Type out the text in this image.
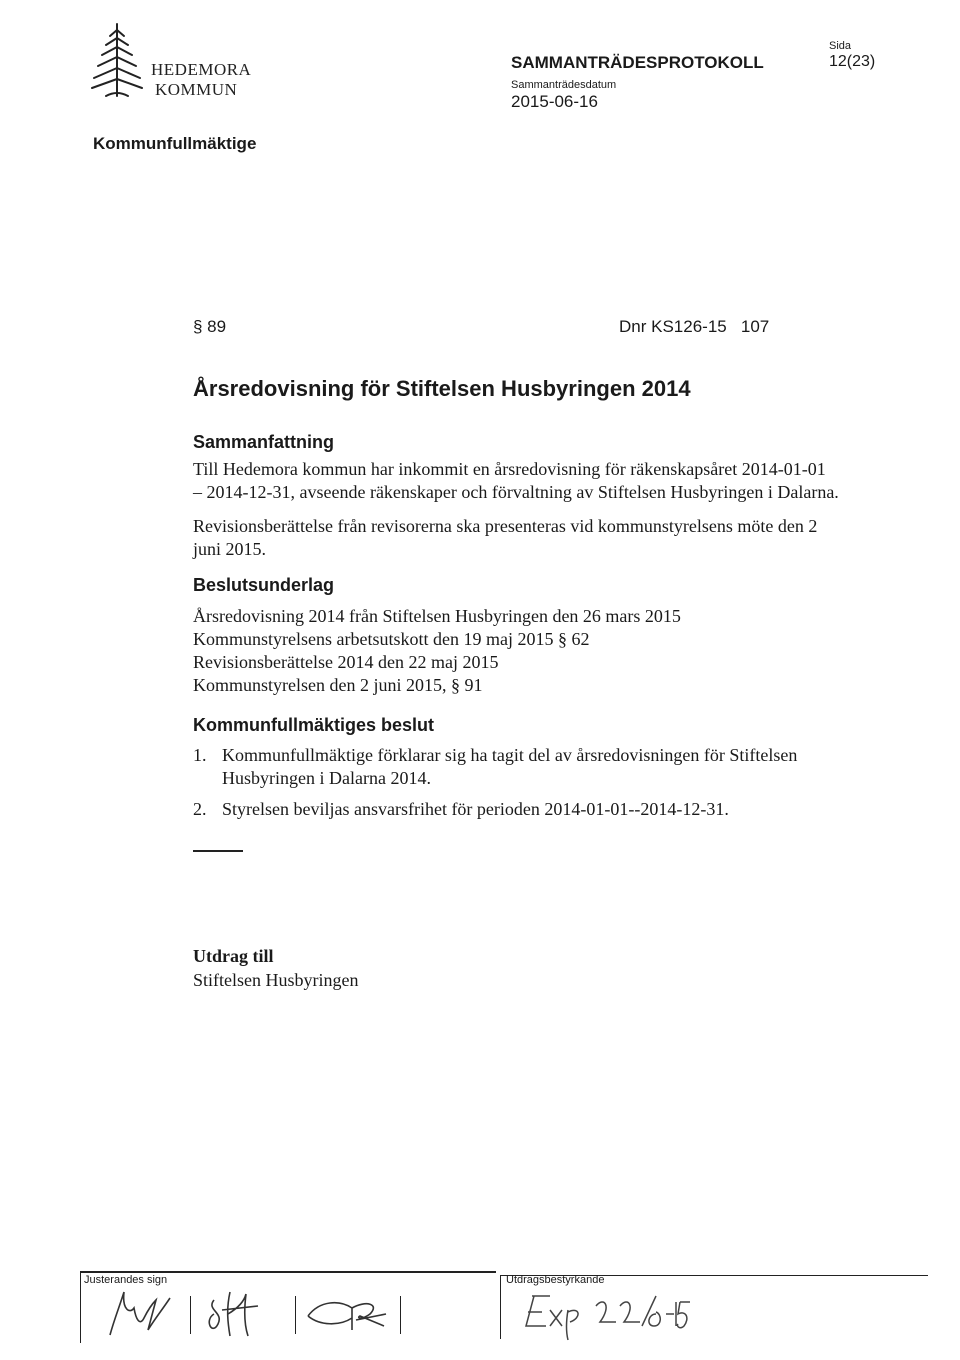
HEDEMORA
KOMMUN
SAMMANTRÄDESPROTOKOLL
Sammanträdesdatum
2015-06-16
Sida
12(23)
Kommunfullmäktige
§ 89	Dnr KS126-15   107
Årsredovisning för Stiftelsen Husbyringen 2014
Sammanfattning
Till Hedemora kommun har inkommit en årsredovisning för räkenskapsåret 2014-01-01
– 2014-12-31, avseende räkenskaper och förvaltning av Stiftelsen Husbyringen i Dalarna.
Revisionsberättelse från revisorerna ska presenteras vid kommunstyrelsens möte den 2
juni 2015.
Beslutsunderlag
Årsredovisning 2014 från Stiftelsen Husbyringen den 26 mars 2015
Kommunstyrelsens arbetsutskott den 19 maj 2015 § 62
Revisionsberättelse 2014 den 22 maj 2015
Kommunstyrelsen den 2 juni 2015, § 91
Kommunfullmäktiges beslut
1. Kommunfullmäktige förklarar sig ha tagit del av årsredovisningen för Stiftelsen
Husbyringen i Dalarna 2014.
2. Styrelsen beviljas ansvarsfrihet för perioden 2014-01-01--2014-12-31.
Utdrag till
Stiftelsen Husbyringen
Justerandes sign	Utdragsbestyrkande
